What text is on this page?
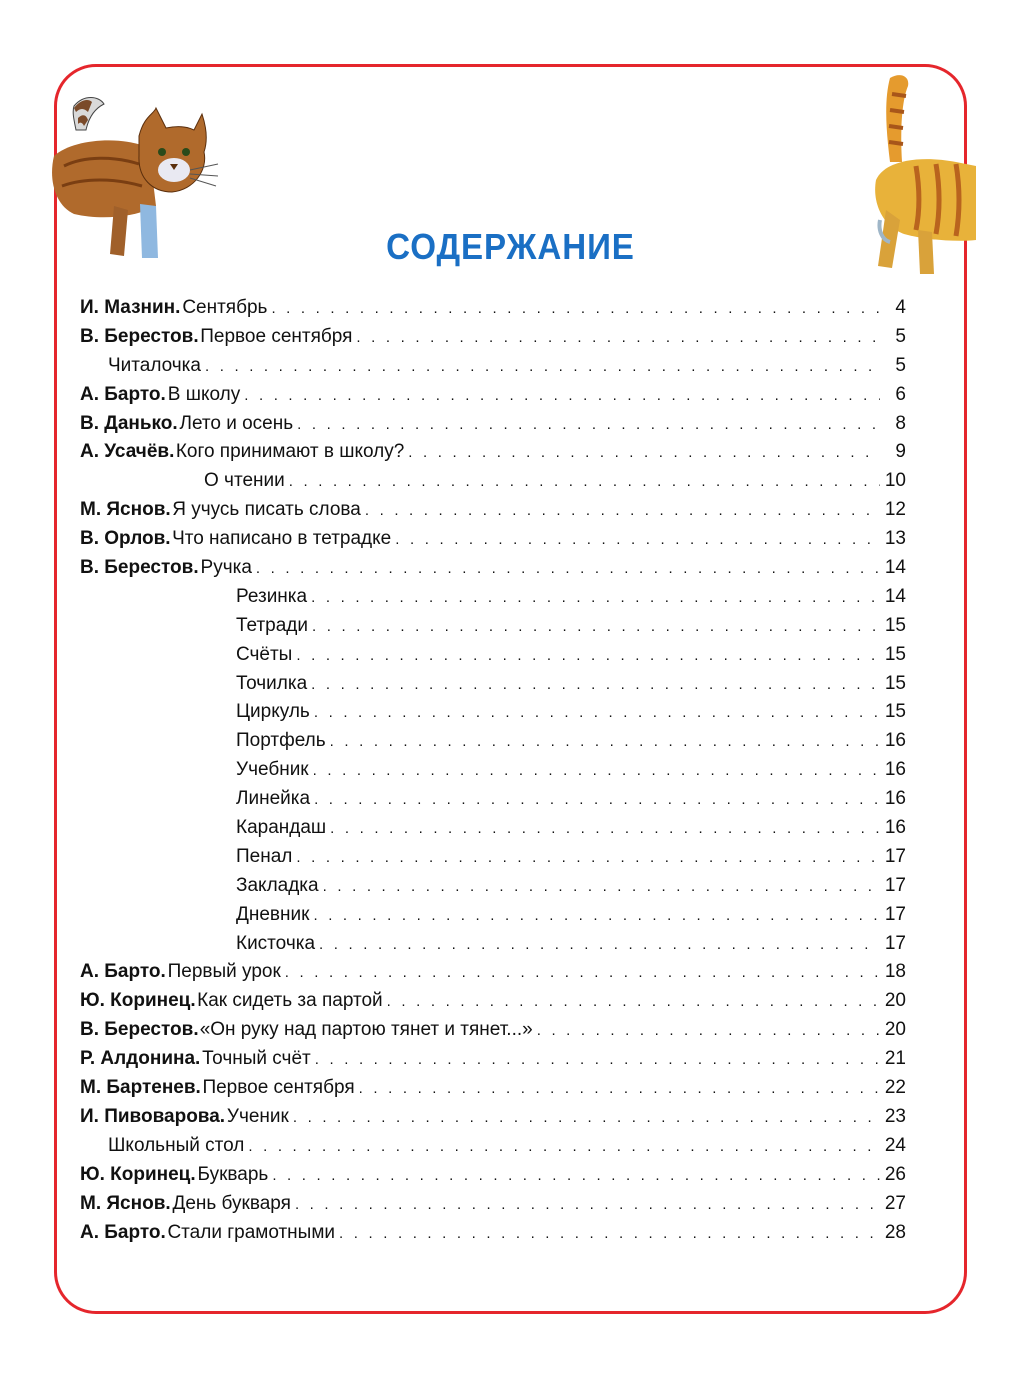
СОДЕРЖАНИЕ
И. Мазнин. Сентябрь . . .	4
В. Берестов. Первое сентября . . .	5
Читалочка . . .	5
А. Барто. В школу . . .	6
В. Данько. Лето и осень . . .	8
А. Усачёв. Кого принимают в школу? . . .	9
О чтении . . .	10
М. Яснов. Я учусь писать слова . . .	12
В. Орлов. Что написано в тетрадке . . .	13
В. Берестов. Ручка . . .	14
Резинка . . .	14
Тетради . . .	15
Счёты . . .	15
Точилка . . .	15
Циркуль . . .	15
Портфель . . .	16
Учебник . . .	16
Линейка . . .	16
Карандаш . . .	16
Пенал . . .	17
Закладка . . .	17
Дневник . . .	17
Кисточка . . .	17
А. Барто. Первый урок . . .	18
Ю. Коринец. Как сидеть за партой . . .	20
В. Берестов. «Он руку над партою тянет и тянет...» . . .	20
Р. Алдонина. Точный счёт . . .	21
М. Бартенев. Первое сентября . . .	22
И. Пивоварова. Ученик . . .	23
Школьный стол . . .	24
Ю. Коринец. Букварь . . .	26
М. Яснов. День букваря . . .	27
А. Барто. Стали грамотными . . .	28
